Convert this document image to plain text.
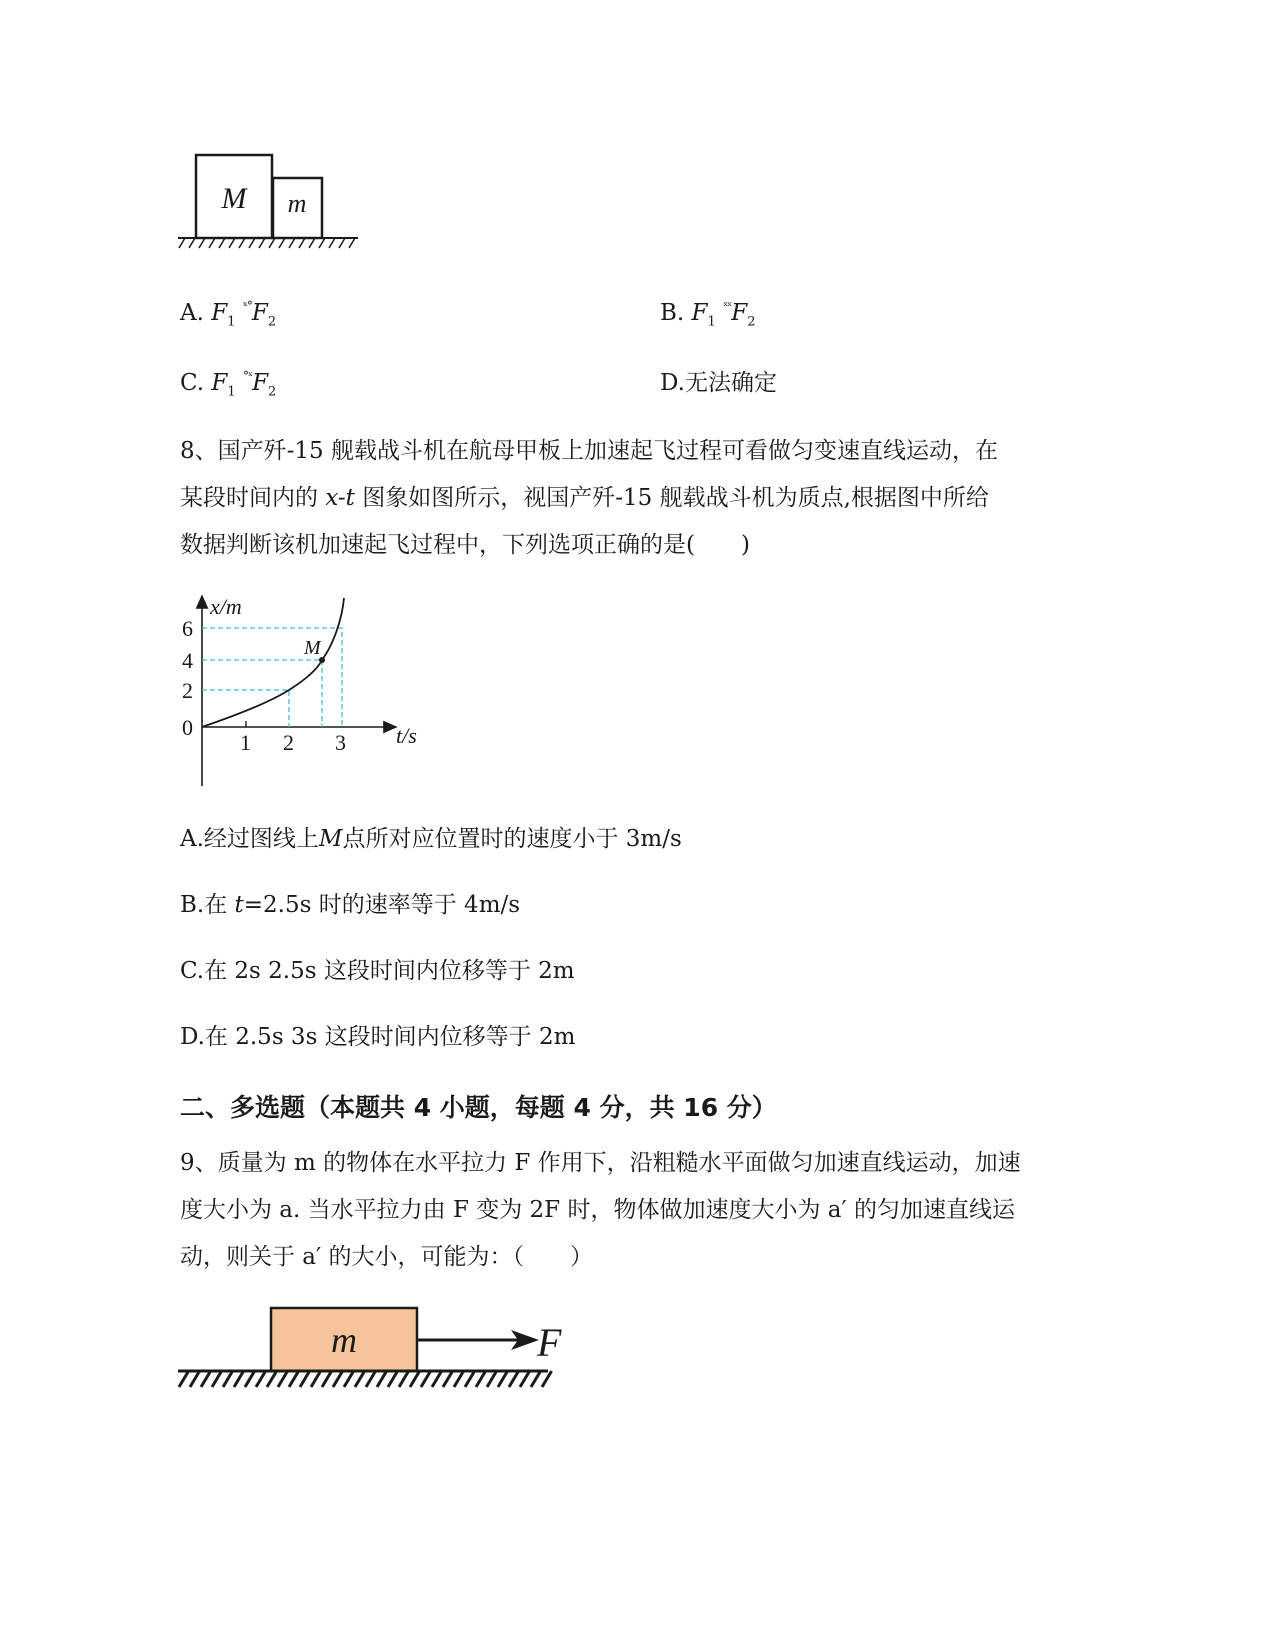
M m
A. $F_1$ $^{ˣ^\circ}F_2$	B. $F_1$ $^{ˣˣ}F_2$
C. $F_1$ $^{^\circ ˣ}F_2$	D.无法确定
8、国产歼-15 舰载战斗机在航母甲板上加速起飞过程可看做匀变速直线运动，在
某段时间内的 x-t 图象如图所示，视国产歼-15 舰载战斗机为质点,根据图中所给
数据判断该机加速起飞过程中，下列选项正确的是(　　)
x/m
t/s
M
6
4
2
0
1 2 3
A.经过图线上M点所对应位置时的速度小于 3m/s
B.在 t=2.5s 时的速率等于 4m/s
C.在 2s 2.5s 这段时间内位移等于 2m
D.在 2.5s 3s 这段时间内位移等于 2m
二、多选题（本题共 4 小题，每题 4 分，共 16 分）
9、质量为 m 的物体在水平拉力 F 作用下，沿粗糙水平面做匀加速直线运动，加速
度大小为 a. 当水平拉力由 F 变为 2F 时，物体做加速度大小为 a′ 的匀加速直线运
动，则关于 a′ 的大小，可能为：（　　）
m	F
